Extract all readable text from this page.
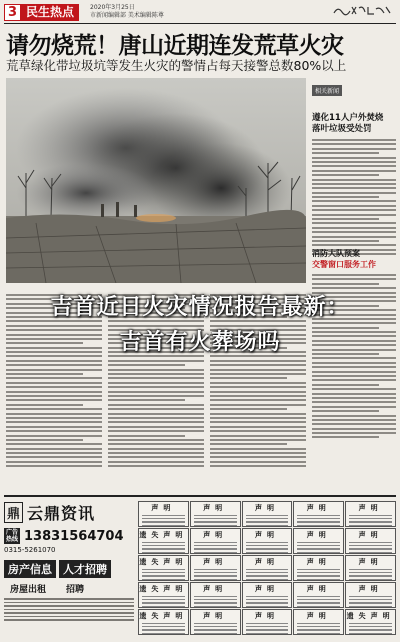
3 民生热点	2020年3月25日
市新闻编辑部 美术编辑陈尊
请勿烧荒！唐山近期连发荒草火灾
荒草绿化带垃圾坑等发生火灾的警情占每天接警总数80%以上
相关新闻
遵化11人户外焚烧
落叶垃圾受处罚
消防大队预案
交警窗口服务工作
鼎 云鼎资讯
广告热线 13831564704
0315-5261070
房产信息	人才招聘
房屋出租 招聘
声明	声明	声明	声明	声明
遗失声明	声明	声明	声明	声明
遗失声明	声明	声明	声明	声明
遗失声明	声明	声明	声明	声明
遗失声明	声明	声明	声明	遗失声明
吉首近日火灾情况报告最新：
吉首有火葬场吗
